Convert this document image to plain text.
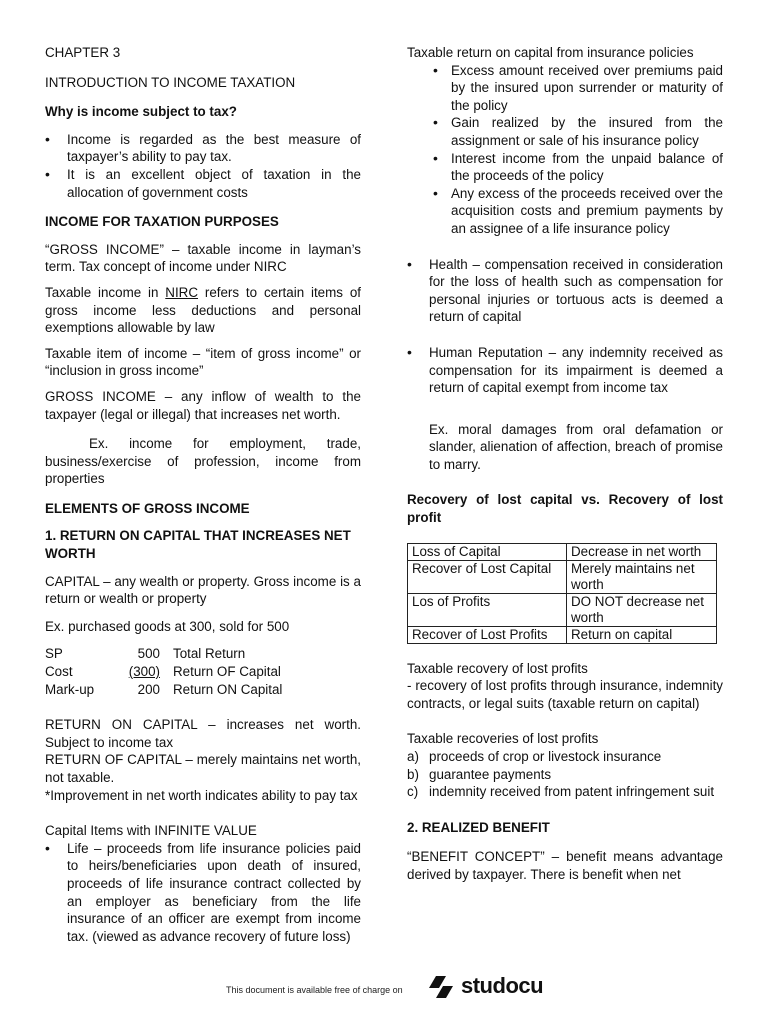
CHAPTER 3

INTRODUCTION TO INCOME TAXATION

Why is income subject to tax?

• Income is regarded as the best measure of taxpayer’s ability to pay tax.
• It is an excellent object of taxation in the allocation of government costs

INCOME FOR TAXATION PURPOSES

“GROSS INCOME” – taxable income in layman’s term. Tax concept of income under NIRC

Taxable income in NIRC refers to certain items of gross income less deductions and personal exemptions allowable by law

Taxable item of income – “item of gross income” or “inclusion in gross income”

GROSS INCOME – any inflow of wealth to the taxpayer (legal or illegal) that increases net worth.

Ex. income for employment, trade, business/exercise of profession, income from properties

ELEMENTS OF GROSS INCOME

1. RETURN ON CAPITAL THAT INCREASES NET WORTH

CAPITAL – any wealth or property. Gross income is a return or wealth or property

Ex. purchased goods at 300, sold for 500

SP	500	Total Return
Cost	(300)	Return OF Capital
Mark-up	200	Return ON Capital

RETURN ON CAPITAL – increases net worth. Subject to income tax

RETURN OF CAPITAL – merely maintains net worth, not taxable.

*Improvement in net worth indicates ability to pay tax

Capital Items with INFINITE VALUE

• Life – proceeds from life insurance policies paid to heirs/beneficiaries upon death of insured, proceeds of life insurance contract collected by an employer as beneficiary from the life insurance of an officer are exempt from income tax. (viewed as advance recovery of future loss)

Taxable return on capital from insurance policies

• Excess amount received over premiums paid by the insured upon surrender or maturity of the policy
• Gain realized by the insured from the assignment or sale of his insurance policy
• Interest income from the unpaid balance of the proceeds of the policy
• Any excess of the proceeds received over the acquisition costs and premium payments by an assignee of a life insurance policy
• Health – compensation received in consideration for the loss of health such as compensation for personal injuries or tortuous acts is deemed a return of capital
• Human Reputation – any indemnity received as compensation for its impairment is deemed a return of capital exempt from income tax

Ex. moral damages from oral defamation or slander, alienation of affection, breach of promise to marry.

Recovery of lost capital vs. Recovery of lost profit

Loss of Capital	Decrease in net worth
Recover of Lost Capital	Merely maintains net worth
Los of Profits	DO NOT decrease net worth
Recover of Lost Profits	Return on capital

Taxable recovery of lost profits

- recovery of lost profits through insurance, indemnity contracts, or legal suits (taxable return on capital)

Taxable recoveries of lost profits

a) proceeds of crop or livestock insurance
b) guarantee payments
c) indemnity received from patent infringement suit

2. REALIZED BENEFIT

“BENEFIT CONCEPT” – benefit means advantage derived by taxpayer. There is benefit when net

This document is available free of charge on	studocu
